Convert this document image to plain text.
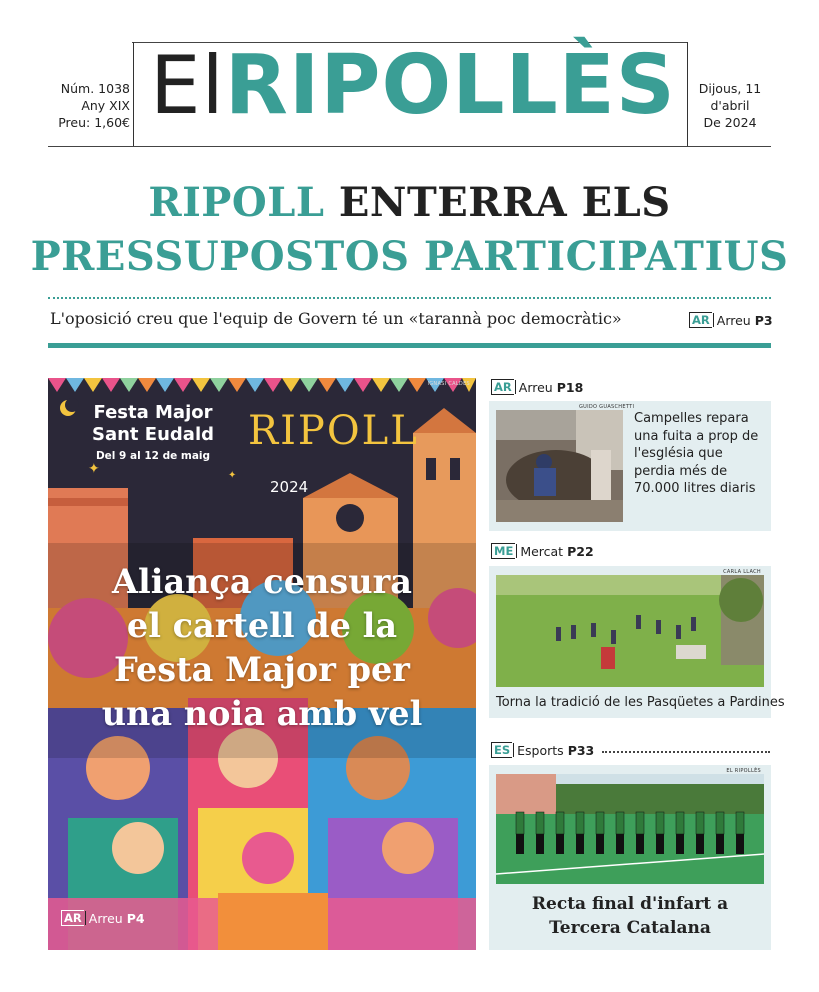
Núm. 1038
Any XIX
Preu: 1,60€ ElRIPOLLÈS	Dijous, 11
d'abril
De 2024
RIPOLL ENTERRA ELS
PRESSUPOSTOS PARTICIPATIUS
L'oposició creu que l'equip de Govern té un «tarannà poc democràtic»	AR Arreu P3
✦	✦
IGNASI CALDES
Festa Major
Sant Eudald
Del 9 al 12 de maig
RIPOLL
2024
Aliança censura
el cartell de la
Festa Major per
una noia amb vel
AR Arreu P4
AR Arreu P18
GUIDO GUASCHETTI
Campelles repara una fuita a prop de l'església que perdia més de 70.000 litres diaris
ME Mercat P22
CARLA LLACH
Torna la tradició de les Pasqüetes a Pardines
ES Esports P33
EL RIPOLLÈS
Recta final d'infart a Tercera Catalana
